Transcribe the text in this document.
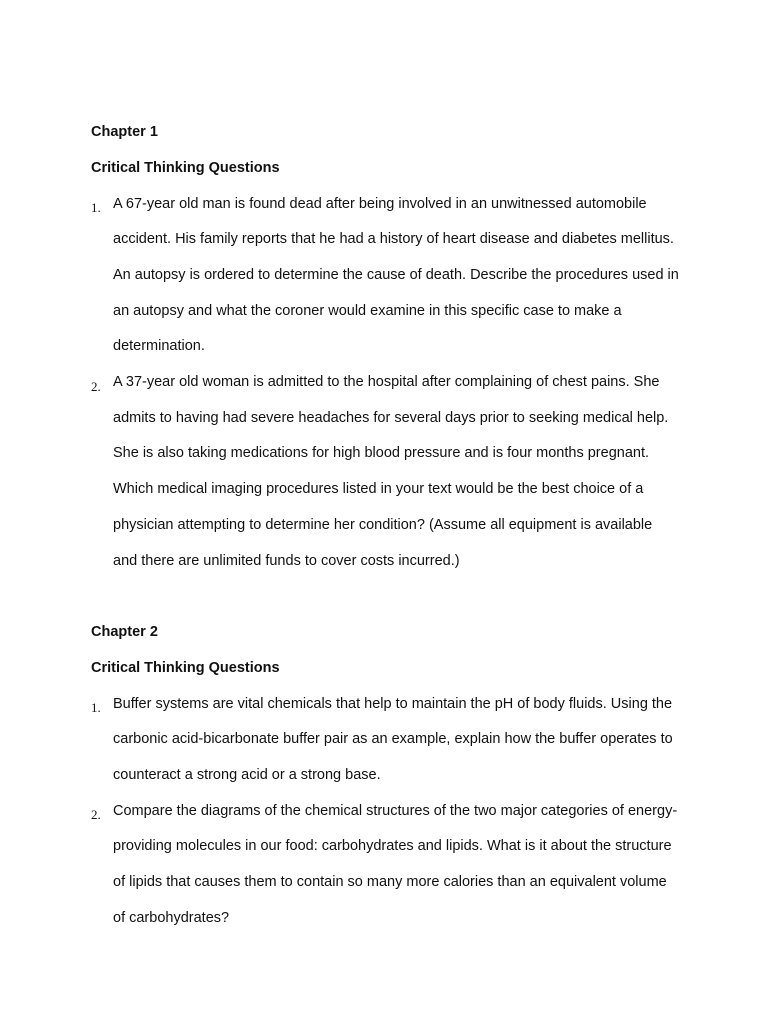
Chapter 1
Critical Thinking Questions
1. A 67-year old man is found dead after being involved in an unwitnessed automobile accident. His family reports that he had a history of heart disease and diabetes mellitus. An autopsy is ordered to determine the cause of death. Describe the procedures used in an autopsy and what the coroner would examine in this specific case to make a determination.
2. A 37-year old woman is admitted to the hospital after complaining of chest pains. She admits to having had severe headaches for several days prior to seeking medical help. She is also taking medications for high blood pressure and is four months pregnant. Which medical imaging procedures listed in your text would be the best choice of a physician attempting to determine her condition? (Assume all equipment is available and there are unlimited funds to cover costs incurred.)
Chapter 2
Critical Thinking Questions
1. Buffer systems are vital chemicals that help to maintain the pH of body fluids. Using the carbonic acid-bicarbonate buffer pair as an example, explain how the buffer operates to counteract a strong acid or a strong base.
2. Compare the diagrams of the chemical structures of the two major categories of energy-providing molecules in our food: carbohydrates and lipids. What is it about the structure of lipids that causes them to contain so many more calories than an equivalent volume of carbohydrates?
